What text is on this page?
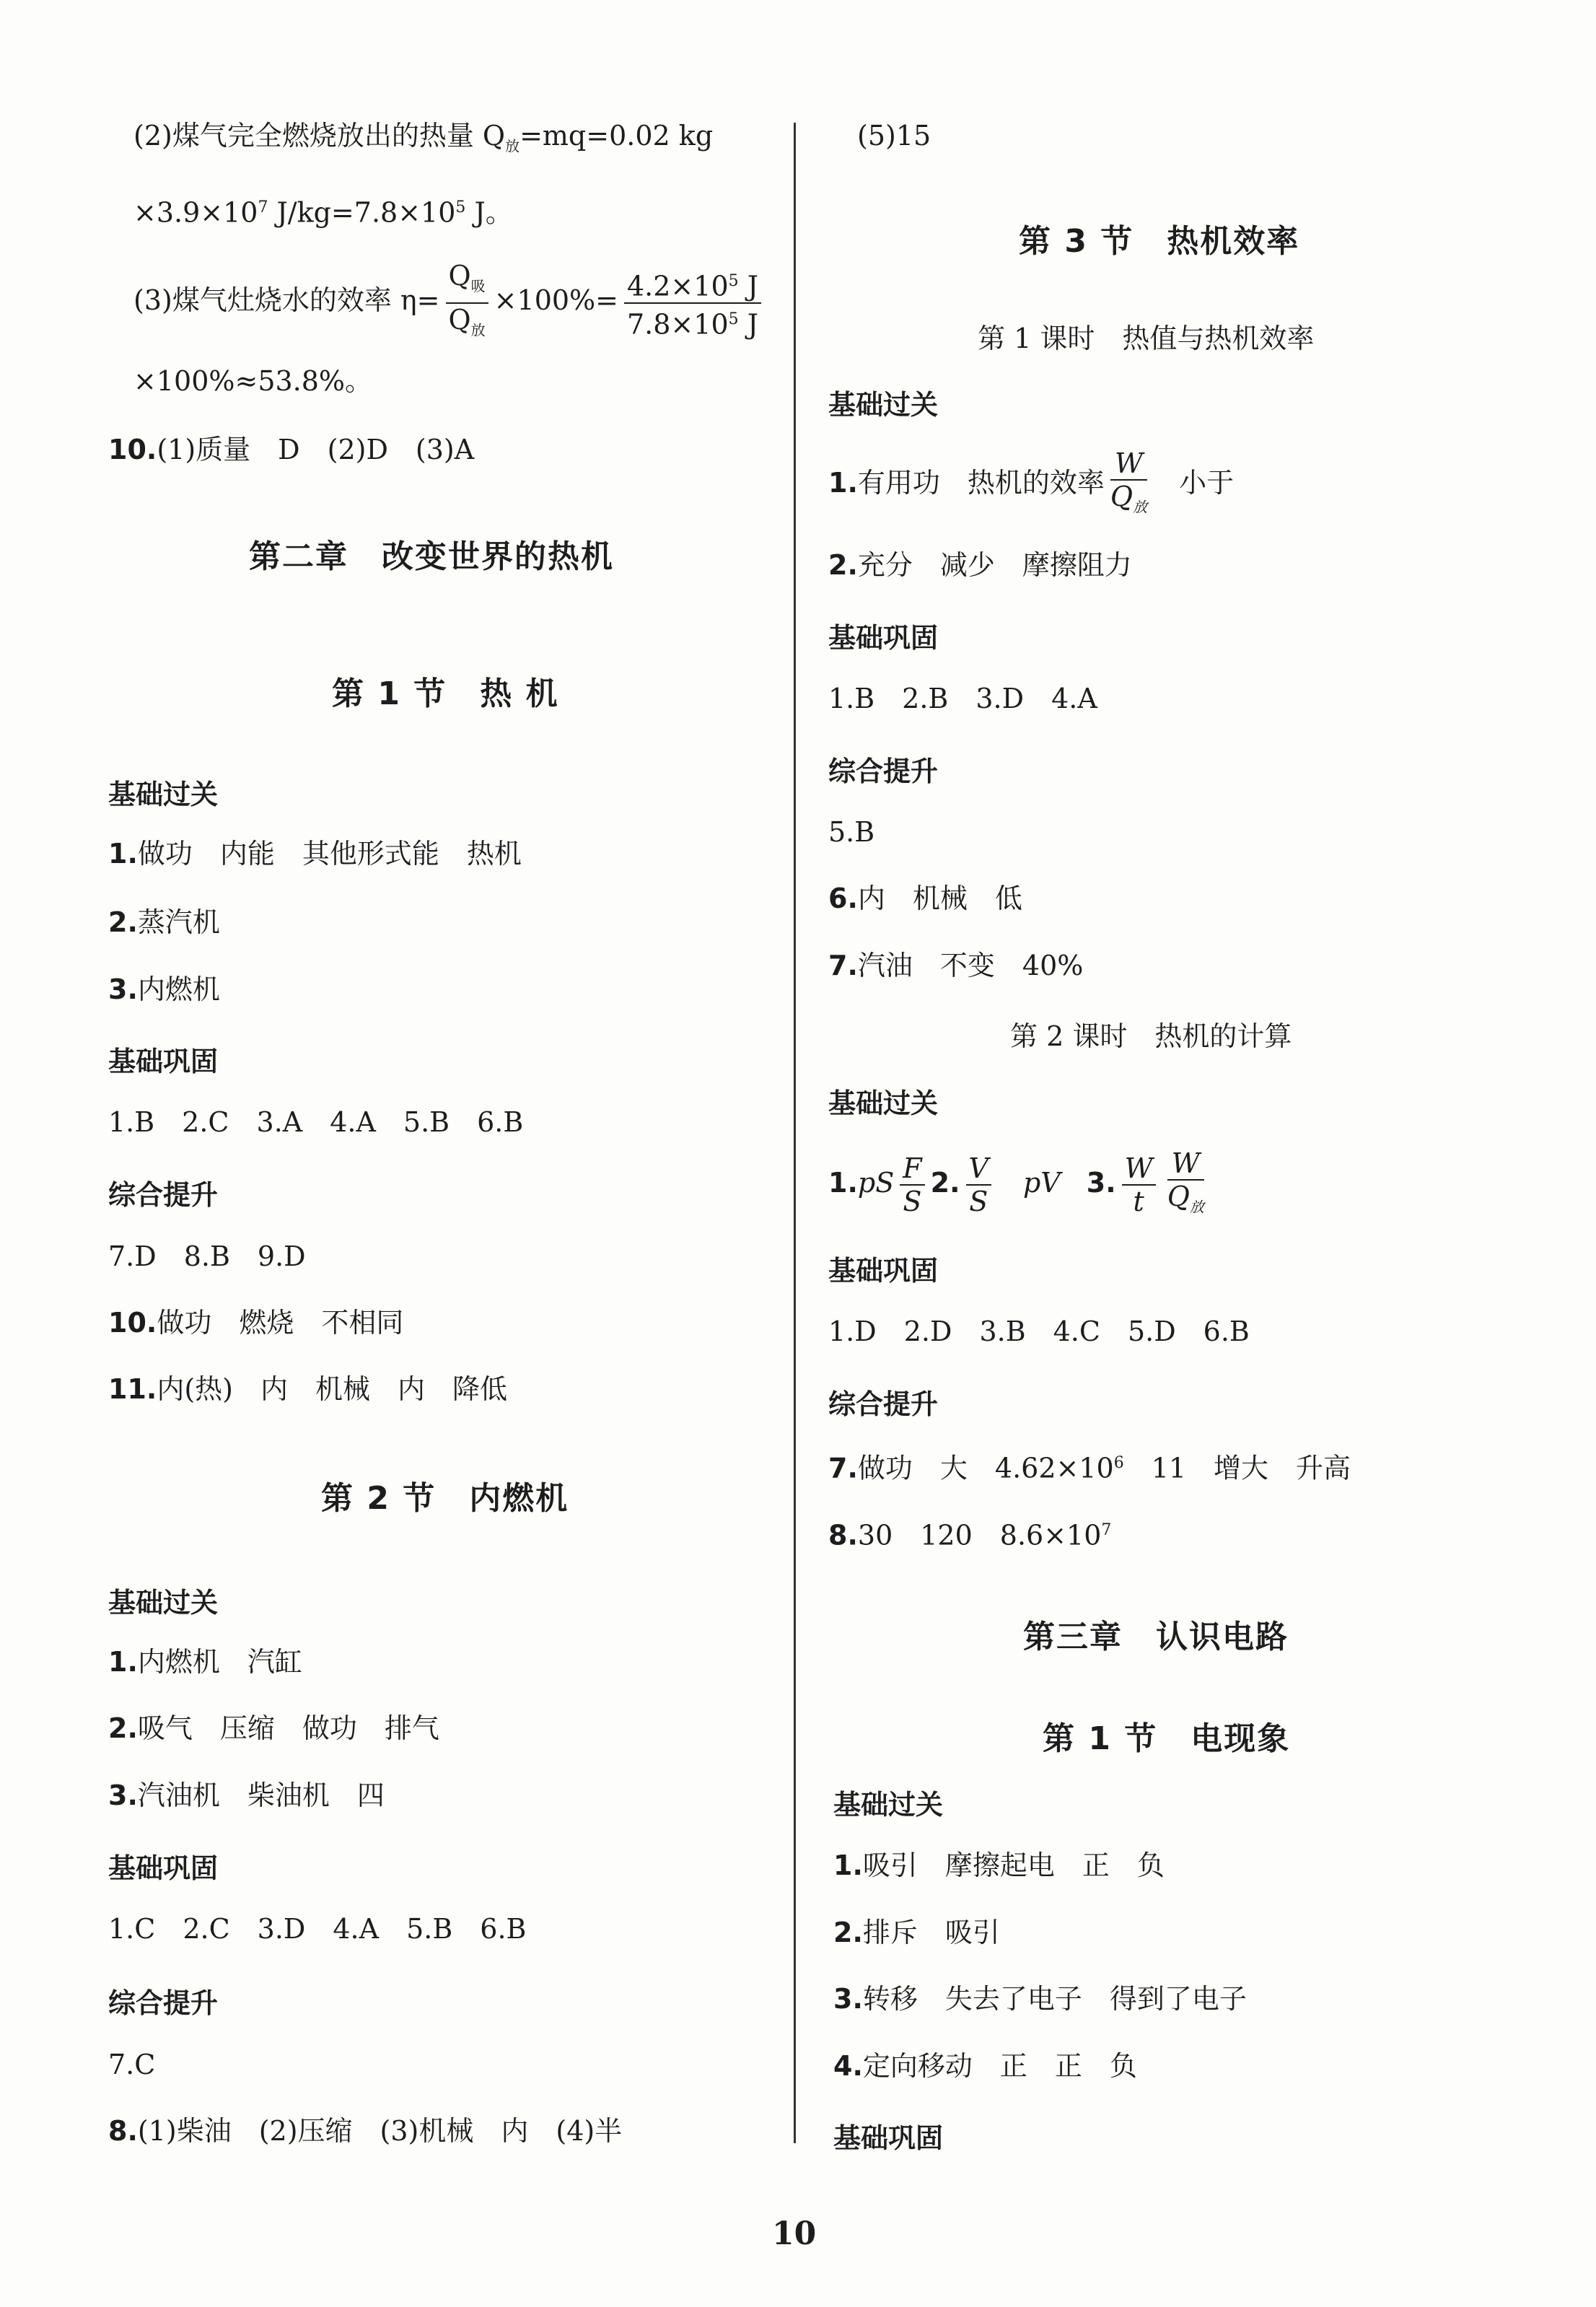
(2)煤气完全燃烧放出的热量 $Q_放=mq=0.02$ kg
$\times 3.9\times 10^7$ $J/kg=7.8\times 10^5$ J。
(3)煤气灶烧水的效率 $\eta= \frac{Q_吸}{Q_放} \times 100\%= \frac{4.2\times 10^5 J}{7.8\times 10^5 J}$
×100%≈53.8%。
10.(1)质量　D　(2)D　(3)A
第二章　改变世界的热机
第 1 节　热 机
基础过关
1.做功　内能　其他形式能　热机
2.蒸汽机
3.内燃机
基础巩固
1.B　2.C　3.A　4.A　5.B　6.B
综合提升
7.D　8.B　9.D
10.做功　燃烧　不相同
11.内(热)　内　机械　内　降低
第 2 节　内燃机
基础过关
1.内燃机　汽缸
2.吸气　压缩　做功　排气
3.汽油机　柴油机　四
基础巩固
1.C　2.C　3.D　4.A　5.B　6.B
综合提升
7.C
8.(1)柴油　(2)压缩　(3)机械　内　(4)半
(5)15
第 3 节　热机效率
第 1 课时　热值与热机效率
基础过关
1.有用功　热机的效率 $\frac{W}{Q_放}$ 小于
2.充分　减少　摩擦阻力
基础巩固
1.B　2.B　3.D　4.A
综合提升
5.B
6.内　机械　低
7.汽油　不变　40%
第 2 课时　热机的计算
基础过关
$1.pS \frac{F}{S} 2$. $\frac{V}{S}$ pV 3. $\frac{W}{t} \frac{W}{Q_放}$
基础巩固
1.D　2.D　3.B　4.C　5.D　6.B
综合提升
7.做功　大　$4.62\times 10^6$　11　增大　升高
8.30　120　$8.6\times 10^7$
第三章　认识电路
第 1 节　电现象
基础过关
1.吸引　摩擦起电　正　负
2.排斥　吸引
3.转移　失去了电子　得到了电子
4.定向移动　正　正　负
基础巩固
10
